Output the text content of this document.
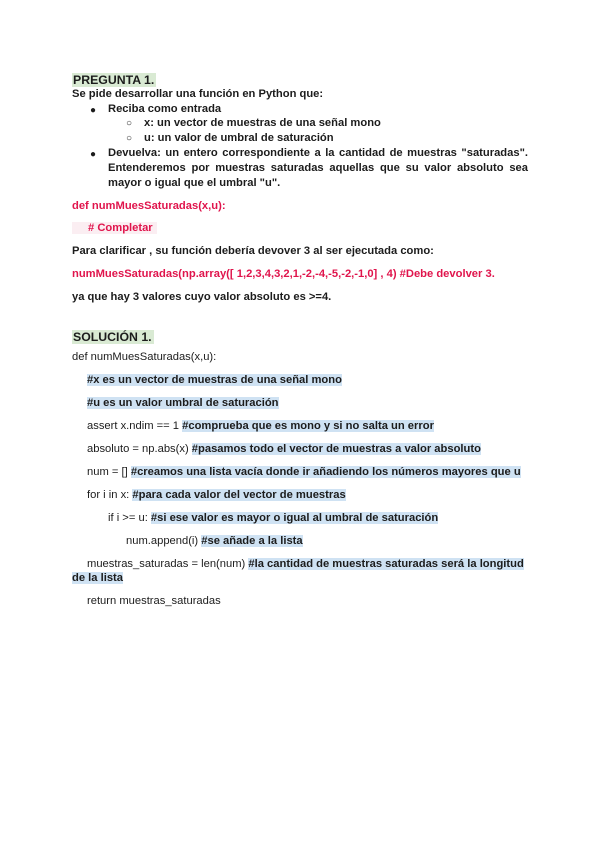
PREGUNTA 1.
Se pide desarrollar una función en Python que:
● Reciba como entrada
○ x: un vector de muestras de una señal mono
○ u: un valor de umbral de saturación
● Devuelva: un entero correspondiente a la cantidad de muestras "saturadas".
Entenderemos por muestras saturadas aquellas que su valor absoluto sea
mayor o igual que el umbral "u".
def numMuesSaturadas(x,u):
# Completar
Para clarificar , su función debería devover 3 al ser ejecutada como:
numMuesSaturadas(np.array([ 1,2,3,4,3,2,1,-2,-4,-5,-2,-1,0] , 4) #Debe devolver 3.
ya que hay 3 valores cuyo valor absoluto es >=4.
SOLUCIÓN 1.
def numMuesSaturadas(x,u):
#x es un vector de muestras de una señal mono
#u es un valor umbral de saturación
assert x.ndim == 1 #comprueba que es mono y si no salta un error
absoluto = np.abs(x) #pasamos todo el vector de muestras a valor absoluto
num = [] #creamos una lista vacía donde ir añadiendo los números mayores que u
for i in x: #para cada valor del vector de muestras
if i >= u: #si ese valor es mayor o igual al umbral de saturación
num.append(i) #se añade a la lista
muestras_saturadas = len(num) #la cantidad de muestras saturadas será la longitud
de la lista
return muestras_saturadas
